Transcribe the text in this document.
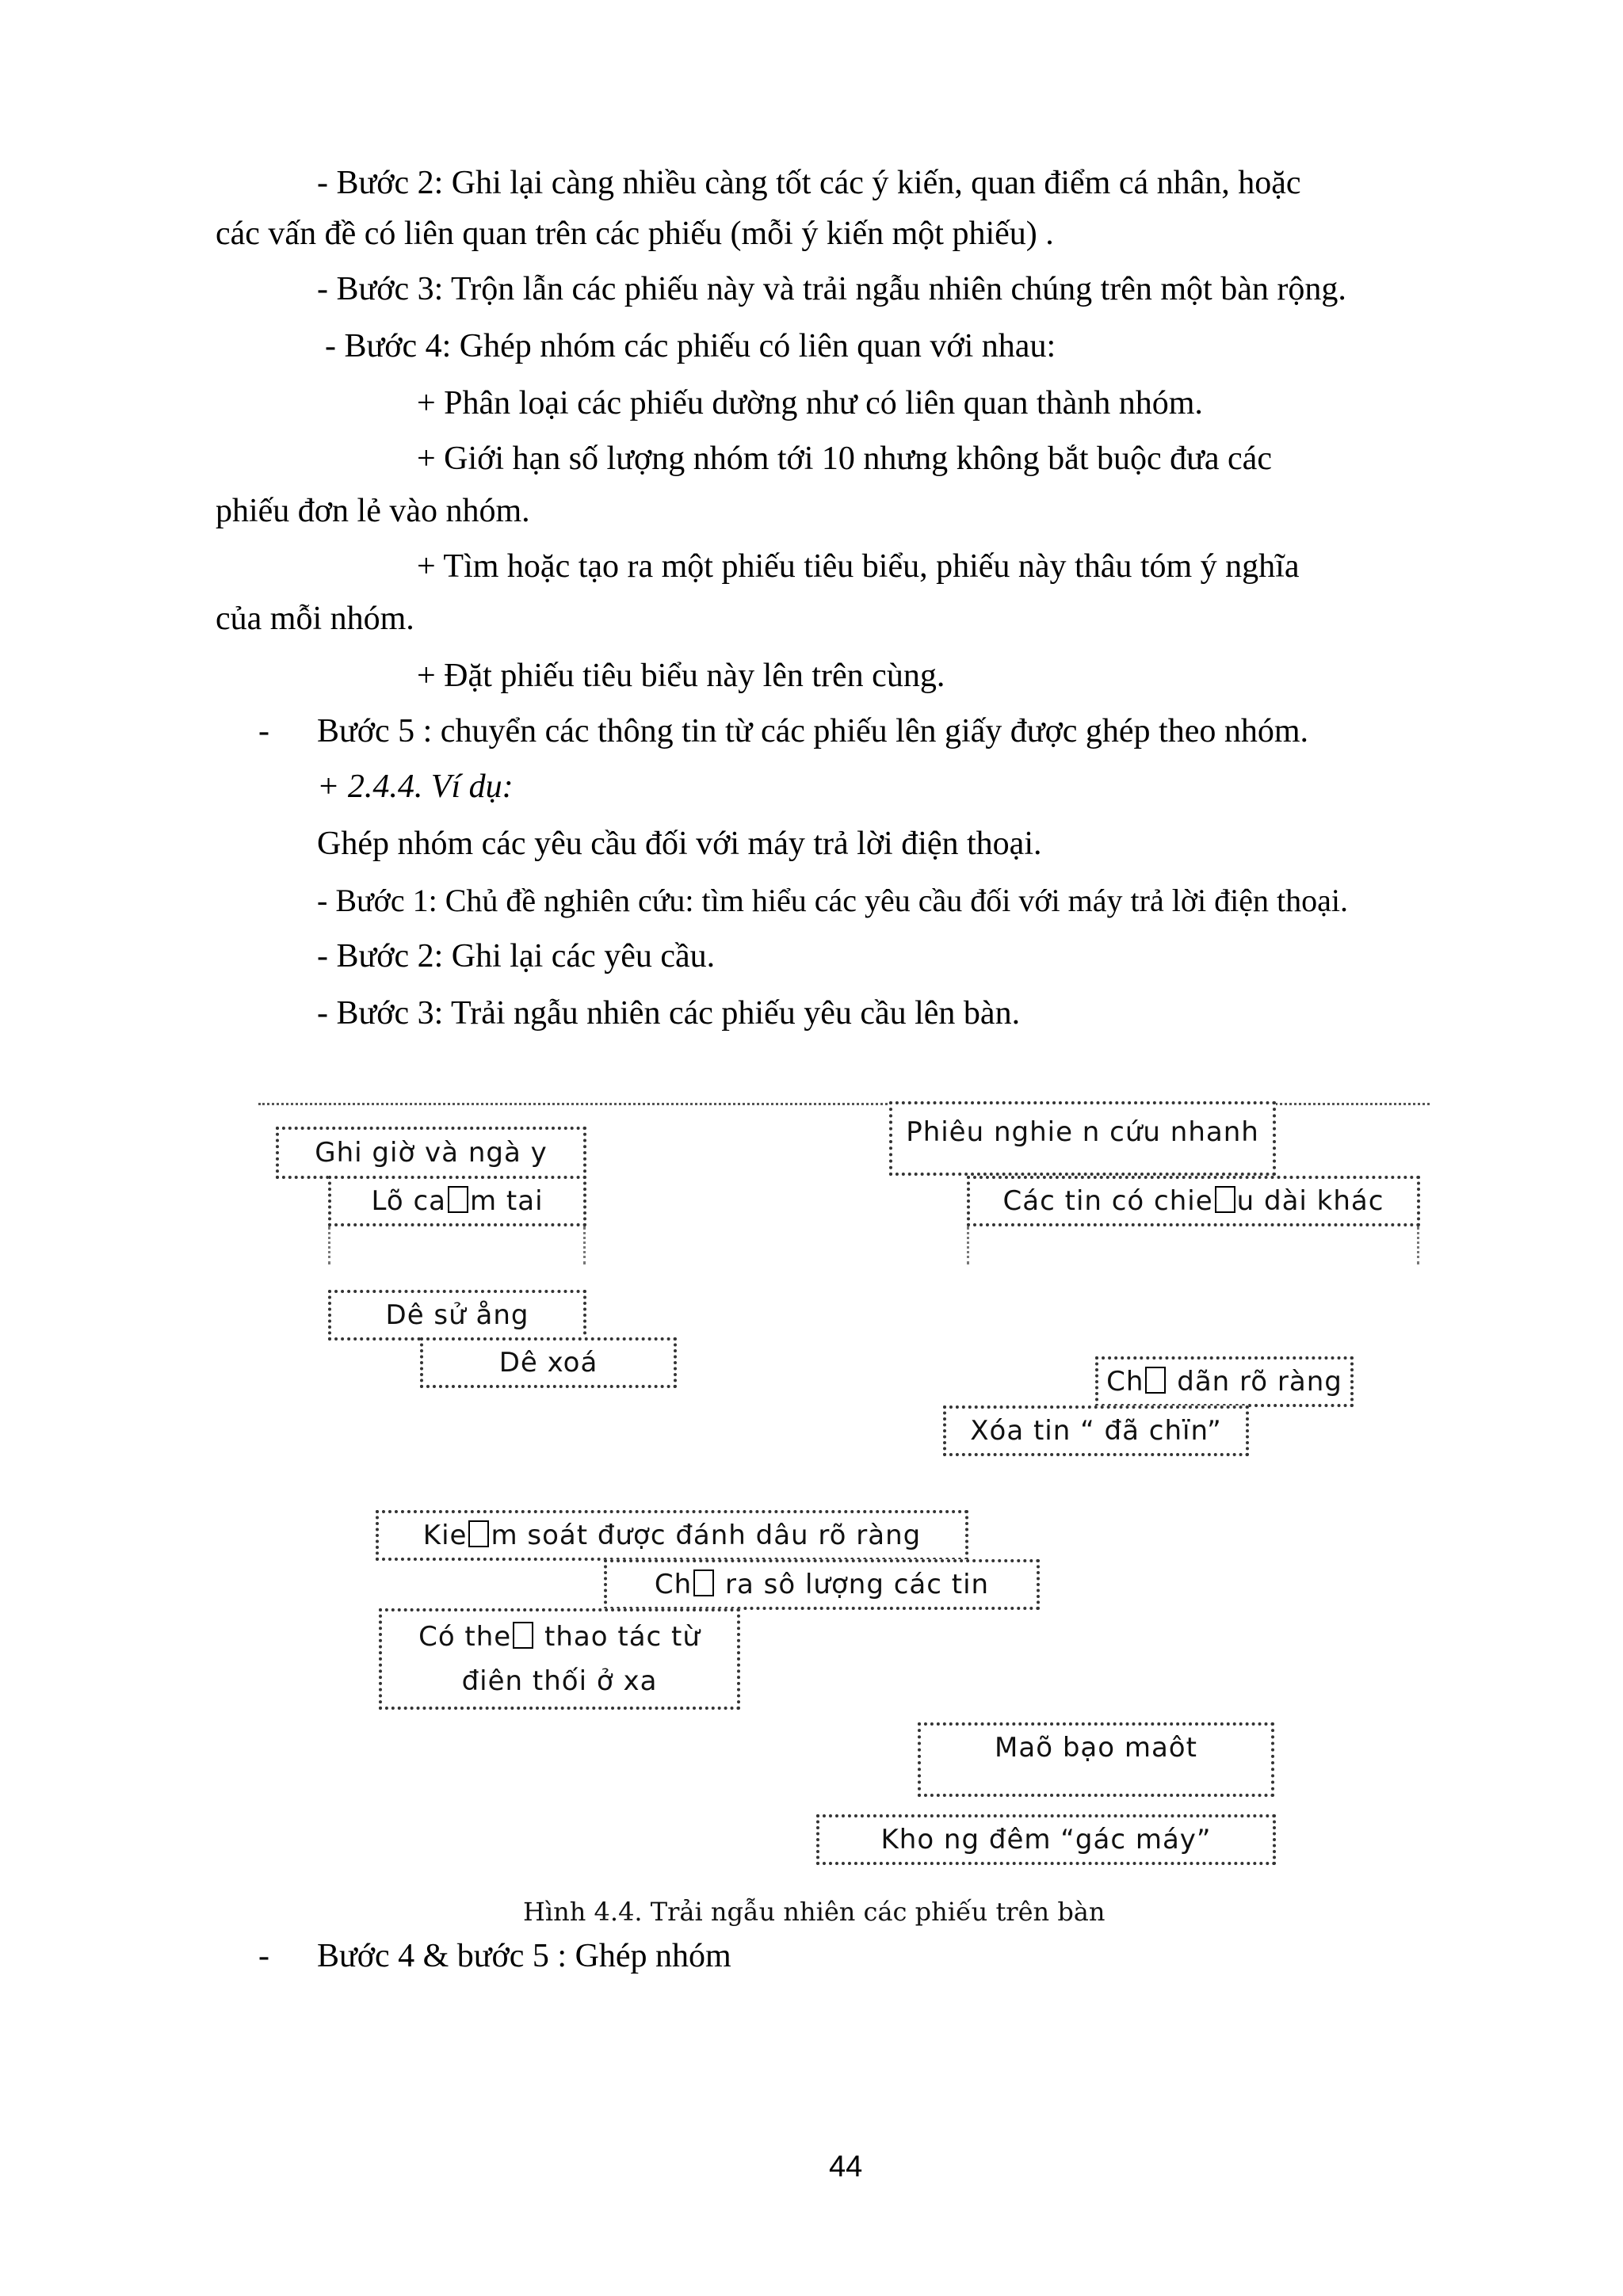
- Bước 2: Ghi lại càng nhiều càng tốt các ý kiến, quan điểm cá nhân, hoặc
các vấn đề có liên quan trên các phiếu (mỗi ý kiến một phiếu) .
- Bước 3: Trộn lẫn các phiếu này và trải ngẫu nhiên chúng trên một bàn rộng.
- Bước 4: Ghép nhóm các phiếu có liên quan với nhau:
+ Phân loại các phiếu dường như có liên quan thành nhóm.
+ Giới hạn số lượng nhóm tới 10 nhưng không bắt buộc đưa các
phiếu đơn lẻ vào nhóm.
+ Tìm hoặc tạo ra một phiếu tiêu biểu, phiếu này thâu tóm ý nghĩa
của mỗi nhóm.
+ Đặt phiếu tiêu biểu này lên trên cùng.
- Bước 5 : chuyển các thông tin từ các phiếu lên giấy được ghép theo nhóm.
+ 2.4.4. Ví dụ:
Ghép nhóm các yêu cầu đối với máy trả lời điện thoại.
- Bước 1: Chủ đề nghiên cứu: tìm hiểu các yêu cầu đối với máy trả lời điện thoại.
- Bước 2: Ghi lại các yêu cầu.
- Bước 3: Trải ngẫu nhiên các phiếu yêu cầu lên bàn.
Ghi giờ và ngà y
Lõ ca m tai
Phiêu nghie n cứu nhanh
Các tin có chie u dài khác
Dê sử ång
Dê xoá
Ch dãn rõ ràng
Xóa tin “ đã chïn”
Kie m soát được đánh dâu rõ ràng
Ch ra sô lượng các tin
Có the thao tác từ
điên thối ở xa
Maõ bạo maôt
Kho ng đêm “gác máy”
Hình 4.4. Trải ngẫu nhiên các phiếu trên bàn
- Bước 4 & bước 5 : Ghép nhóm
44
